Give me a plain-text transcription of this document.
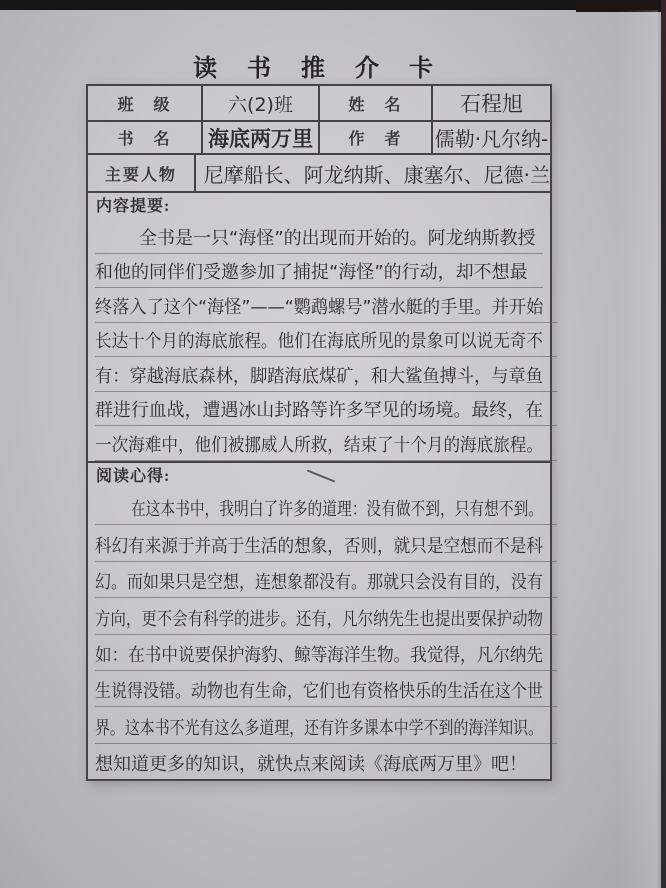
读 书 推 介 卡
班　级	六(2)班	姓　名	石程旭
书　名	海底两万里	作　者	儒勒·凡尔纳-
主要人物	尼摩船长、阿龙纳斯、康塞尔、尼德·兰
内容提要:
全书是一只“海怪”的出现而开始的。阿龙纳斯教授
和他的同伴们受邀参加了捕捉“海怪”的行动，却不想最
终落入了这个“海怪”——“鹦鹉螺号”潜水艇的手里。并开始
长达十个月的海底旅程。他们在海底所见的景象可以说无奇不
有：穿越海底森林，脚踏海底煤矿，和大鲨鱼搏斗，与章鱼
群进行血战，遭遇冰山封路等许多罕见的场境。最终，在
一次海难中，他们被挪威人所救，结束了十个月的海底旅程。
阅读心得:
在这本书中，我明白了许多的道理：没有做不到，只有想不到。
科幻有来源于并高于生活的想象，否则，就只是空想而不是科
幻。而如果只是空想，连想象都没有。那就只会没有目的，没有
方向，更不会有科学的进步。还有，凡尔纳先生也提出要保护动物
如：在书中说要保护海豹、鲸等海洋生物。我觉得，凡尔纳先
生说得没错。动物也有生命，它们也有资格快乐的生活在这个世
界。这本书不光有这么多道理，还有许多课本中学不到的海洋知识。
想知道更多的知识，就快点来阅读《海底两万里》吧！
